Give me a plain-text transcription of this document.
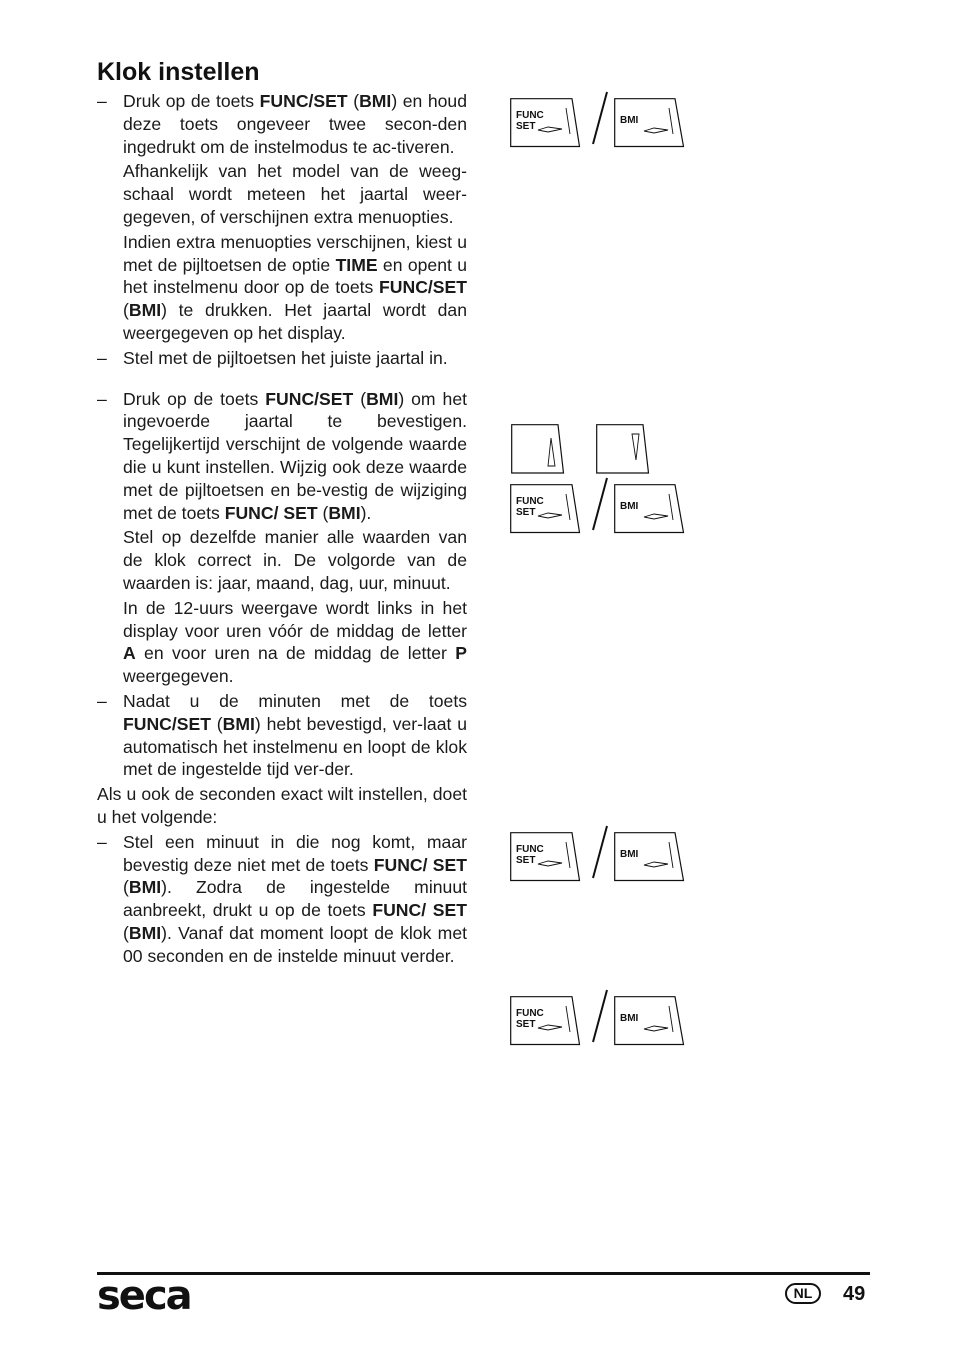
Klok instellen
– Druk op de toets FUNC/SET (BMI) en houd deze toets ongeveer twee secon-den ingedrukt om de instelmodus te ac-tiveren.

Afhankelijk van het model van de weeg-schaal wordt meteen het jaartal weer-gegeven, of verschijnen extra menuopties.

Indien extra menuopties verschijnen, kiest u met de pijltoetsen de optie TIME en opent u het instelmenu door op de toets FUNC/SET (BMI) te drukken. Het jaartal wordt dan weergegeven op het display.

– Stel met de pijltoetsen het juiste jaartal in.

– Druk op de toets FUNC/SET (BMI) om het ingevoerde jaartal te bevestigen. Tegelijkertijd verschijnt de volgende waarde die u kunt instellen. Wijzig ook deze waarde met de pijltoetsen en be-vestig de wijziging met de toets FUNC/ SET (BMI).

Stel op dezelfde manier alle waarden van de klok correct in. De volgorde van de waarden is: jaar, maand, dag, uur, minuut.

In de 12-uurs weergave wordt links in het display voor uren vóór de middag de letter A en voor uren na de middag de letter P weergegeven.

– Nadat u de minuten met de toets FUNC/SET (BMI) hebt bevestigd, ver-laat u automatisch het instelmenu en loopt de klok met de ingestelde tijd ver-der.

Als u ook de seconden exact wilt instellen, doet u het volgende:

– Stel een minuut in die nog komt, maar bevestig deze niet met de toets FUNC/ SET (BMI). Zodra de ingestelde minuut aanbreekt, drukt u op de toets FUNC/ SET (BMI). Vanaf dat moment loopt de klok met 00 seconden en de instelde minuut verder.

FUNC
SET
BMI
FUNC
SET
BMI
FUNC
SET
BMI
FUNC
SET
BMI
seca	NL	49
